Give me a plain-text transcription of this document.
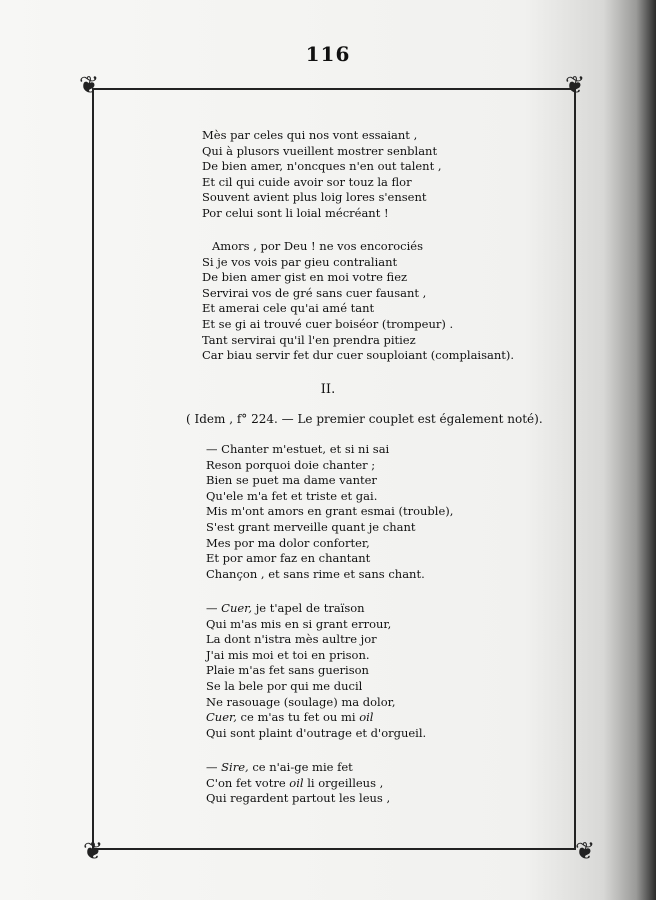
116
❦	❦
❦	❦
Mès par celes qui nos vont essaiant ,
Qui à plusors vueillent mostrer senblant
De bien amer, n'oncques n'en out talent ,
Et cil qui cuide avoir sor touz la flor
Souvent avient plus loig lores s'ensent
Por celui sont li loial mécréant !
Amors , por Deu ! ne vos encorociés
Si je vos vois par gieu contraliant
De bien amer gist en moi votre fiez
Servirai vos de gré sans cuer fausant ,
Et amerai cele qu'ai amé tant
Et se gi ai trouvé cuer boiséor (trompeur) .
Tant servirai qu'il l'en prendra pitiez
Car biau servir fet dur cuer souploiant (complaisant).
II.
( Idem , f° 224. — Le premier couplet est également noté).
— Chanter m'estuet, et si ni sai
Reson porquoi doie chanter ;
Bien se puet ma dame vanter
Qu'ele m'a fet et triste et gai.
Mis m'ont amors en grant esmai (trouble),
S'est grant merveille quant je chant
Mes por ma dolor conforter,
Et por amor faz en chantant
Chançon , et sans rime et sans chant.
— Cuer, je t'apel de traïson
Qui m'as mis en si grant errour,
La dont n'istra mès aultre jor
J'ai mis moi et toi en prison.
Plaie m'as fet sans guerison
Se la bele por qui me ducil
Ne rasouage (soulage) ma dolor,
Cuer, ce m'as tu fet ou mi oil
Qui sont plaint d'outrage et d'orgueil.
— Sire, ce n'ai-ge mie fet
C'on fet votre oil li orgeilleus ,
Qui regardent partout les leus ,
